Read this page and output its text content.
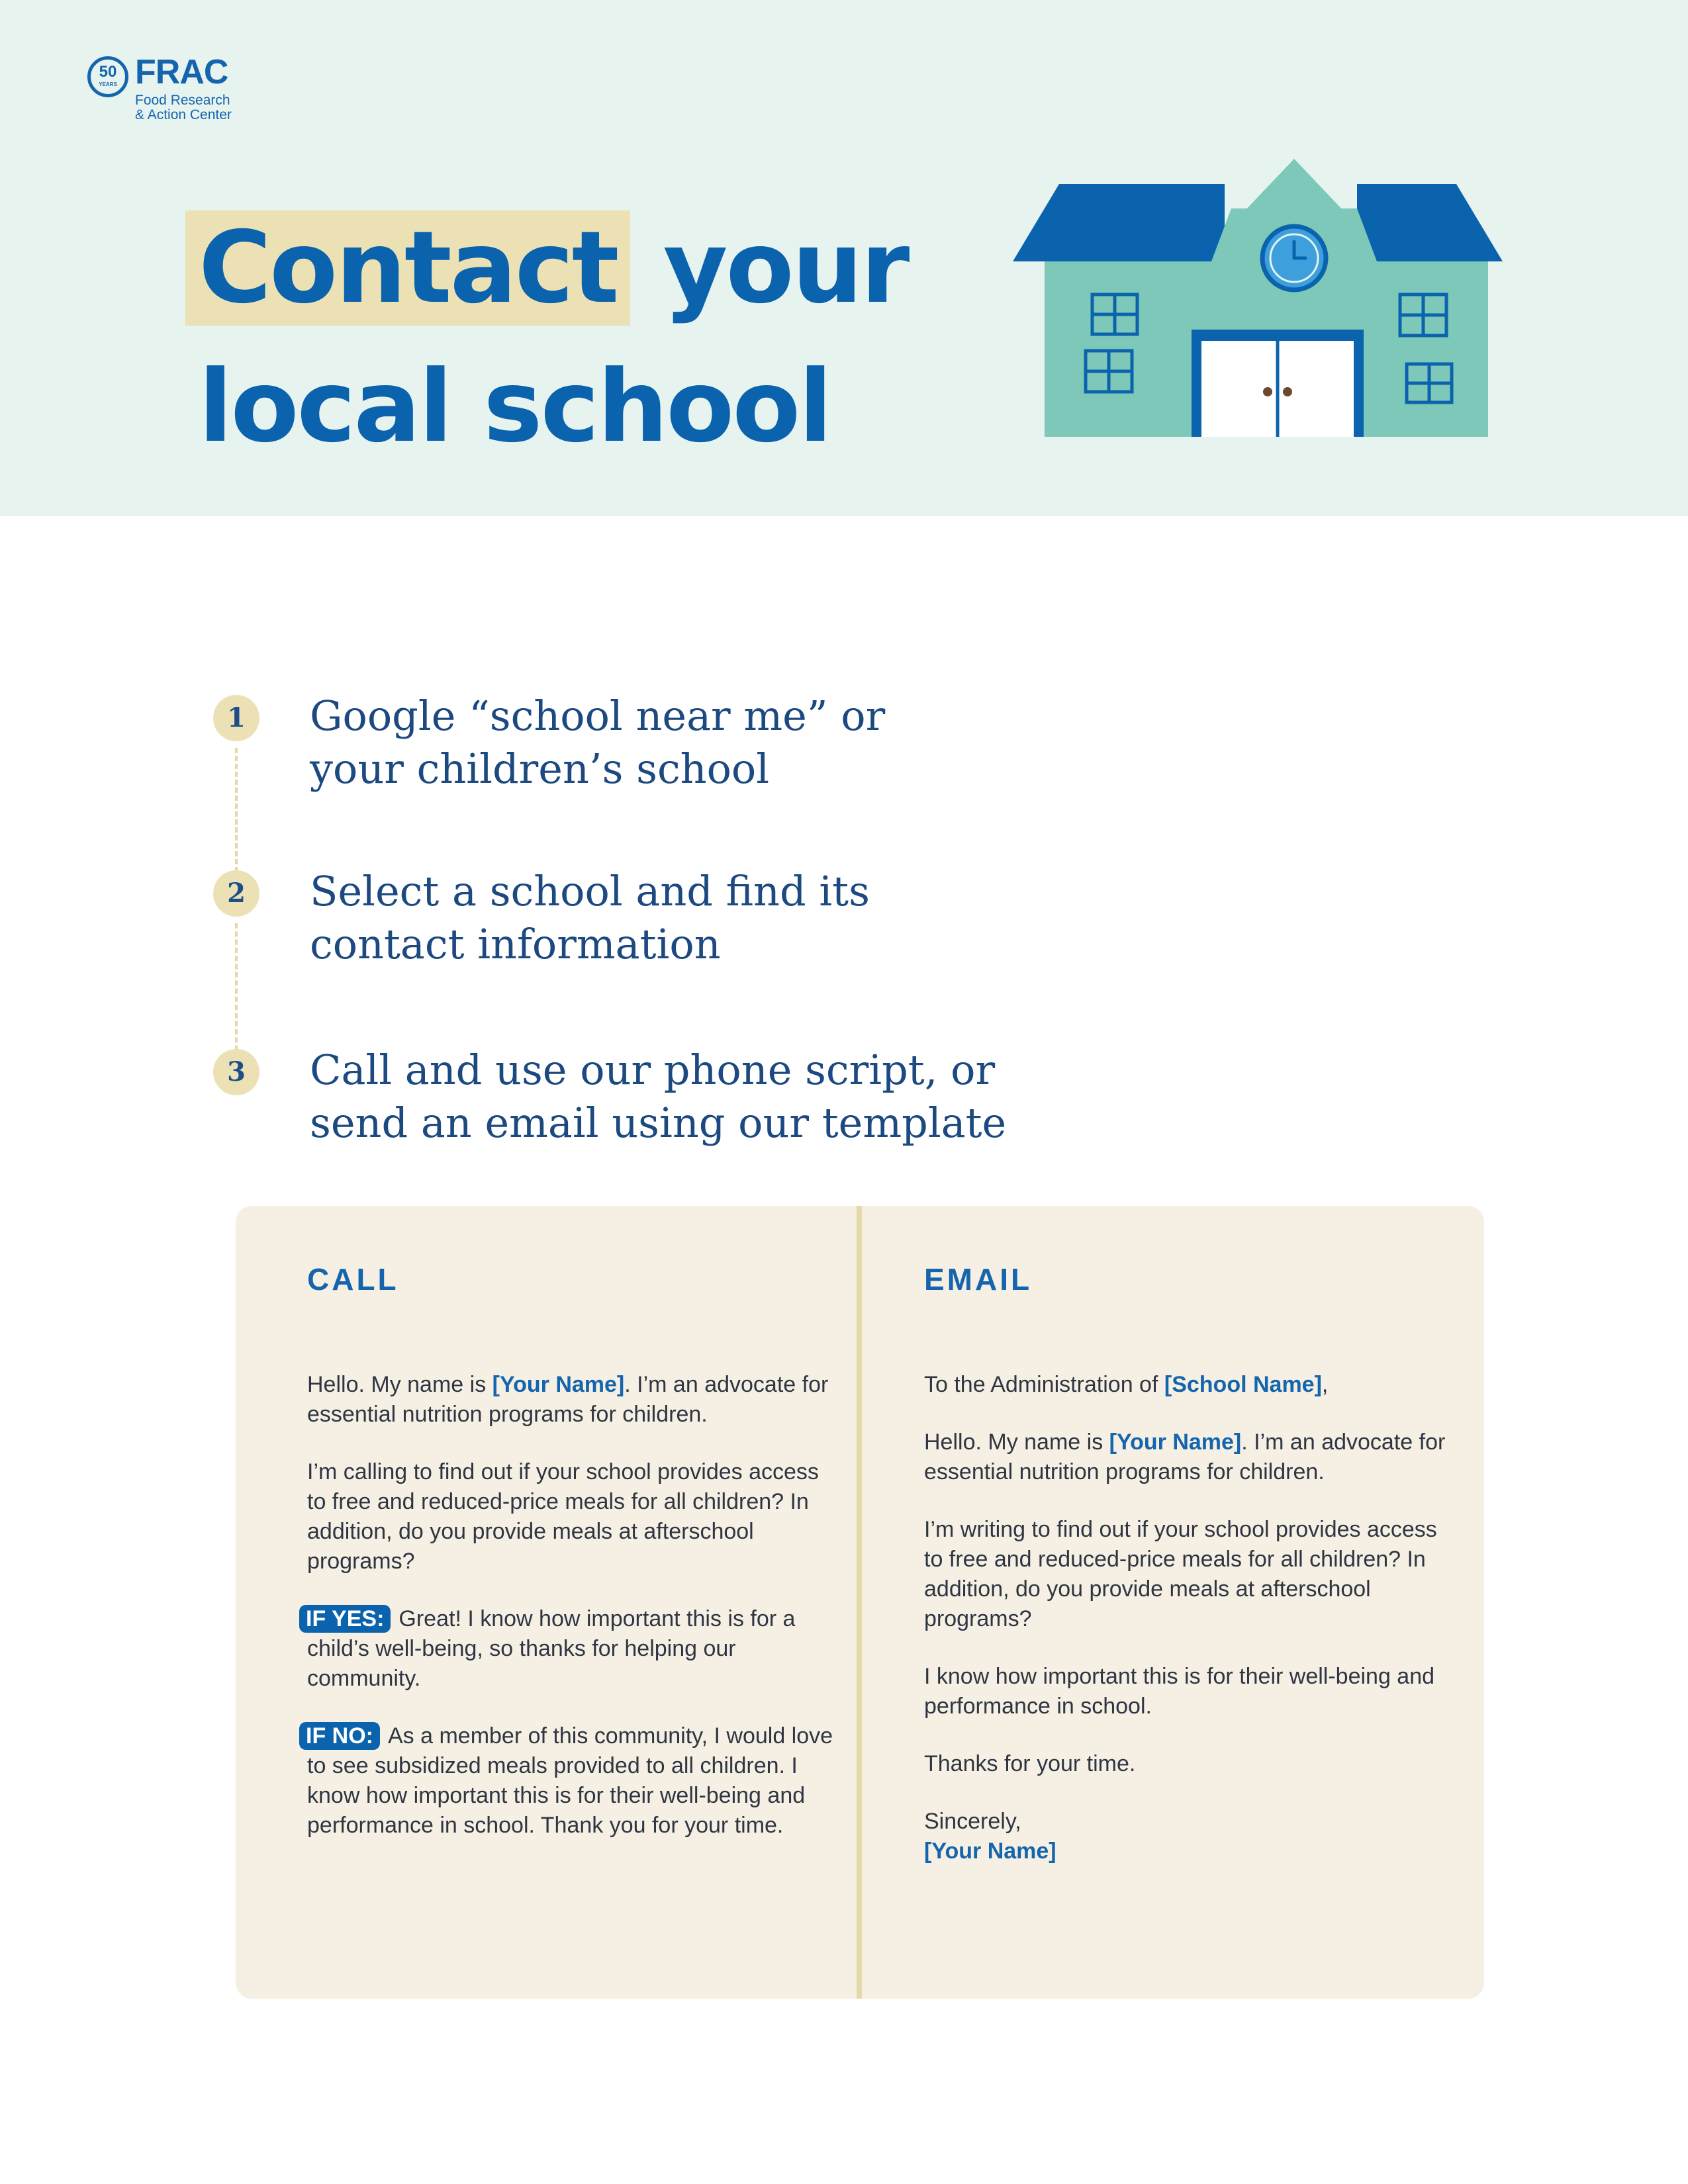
50
YEARS FRAC
Food Research
& Action Center
Contact your
local school
1	Google “school near me” or
your children’s school
2	Select a school and find its
contact information
3	Call and use our phone script, or
send an email using our template
CALL

Hello. My name is [Your Name]. I’m an advocate for essential nutrition programs for children.

I’m calling to find out if your school provides access to free and reduced-price meals for all children? In addition, do you provide meals at afterschool programs?

IF YES: Great! I know how important this is for a child’s well-being, so thanks for helping our community.

IF NO: As a member of this community, I would love to see subsidized meals provided to all children. I know how important this is for their well-being and performance in school. Thank you for your time.

EMAIL

To the Administration of [School Name],

Hello. My name is [Your Name]. I’m an advocate for essential nutrition programs for children.

I’m writing to find out if your school provides access to free and reduced-price meals for all children? In addition, do you provide meals at afterschool programs?

I know how important this is for their well-being and performance in school.

Thanks for your time.

Sincerely,
[Your Name]
